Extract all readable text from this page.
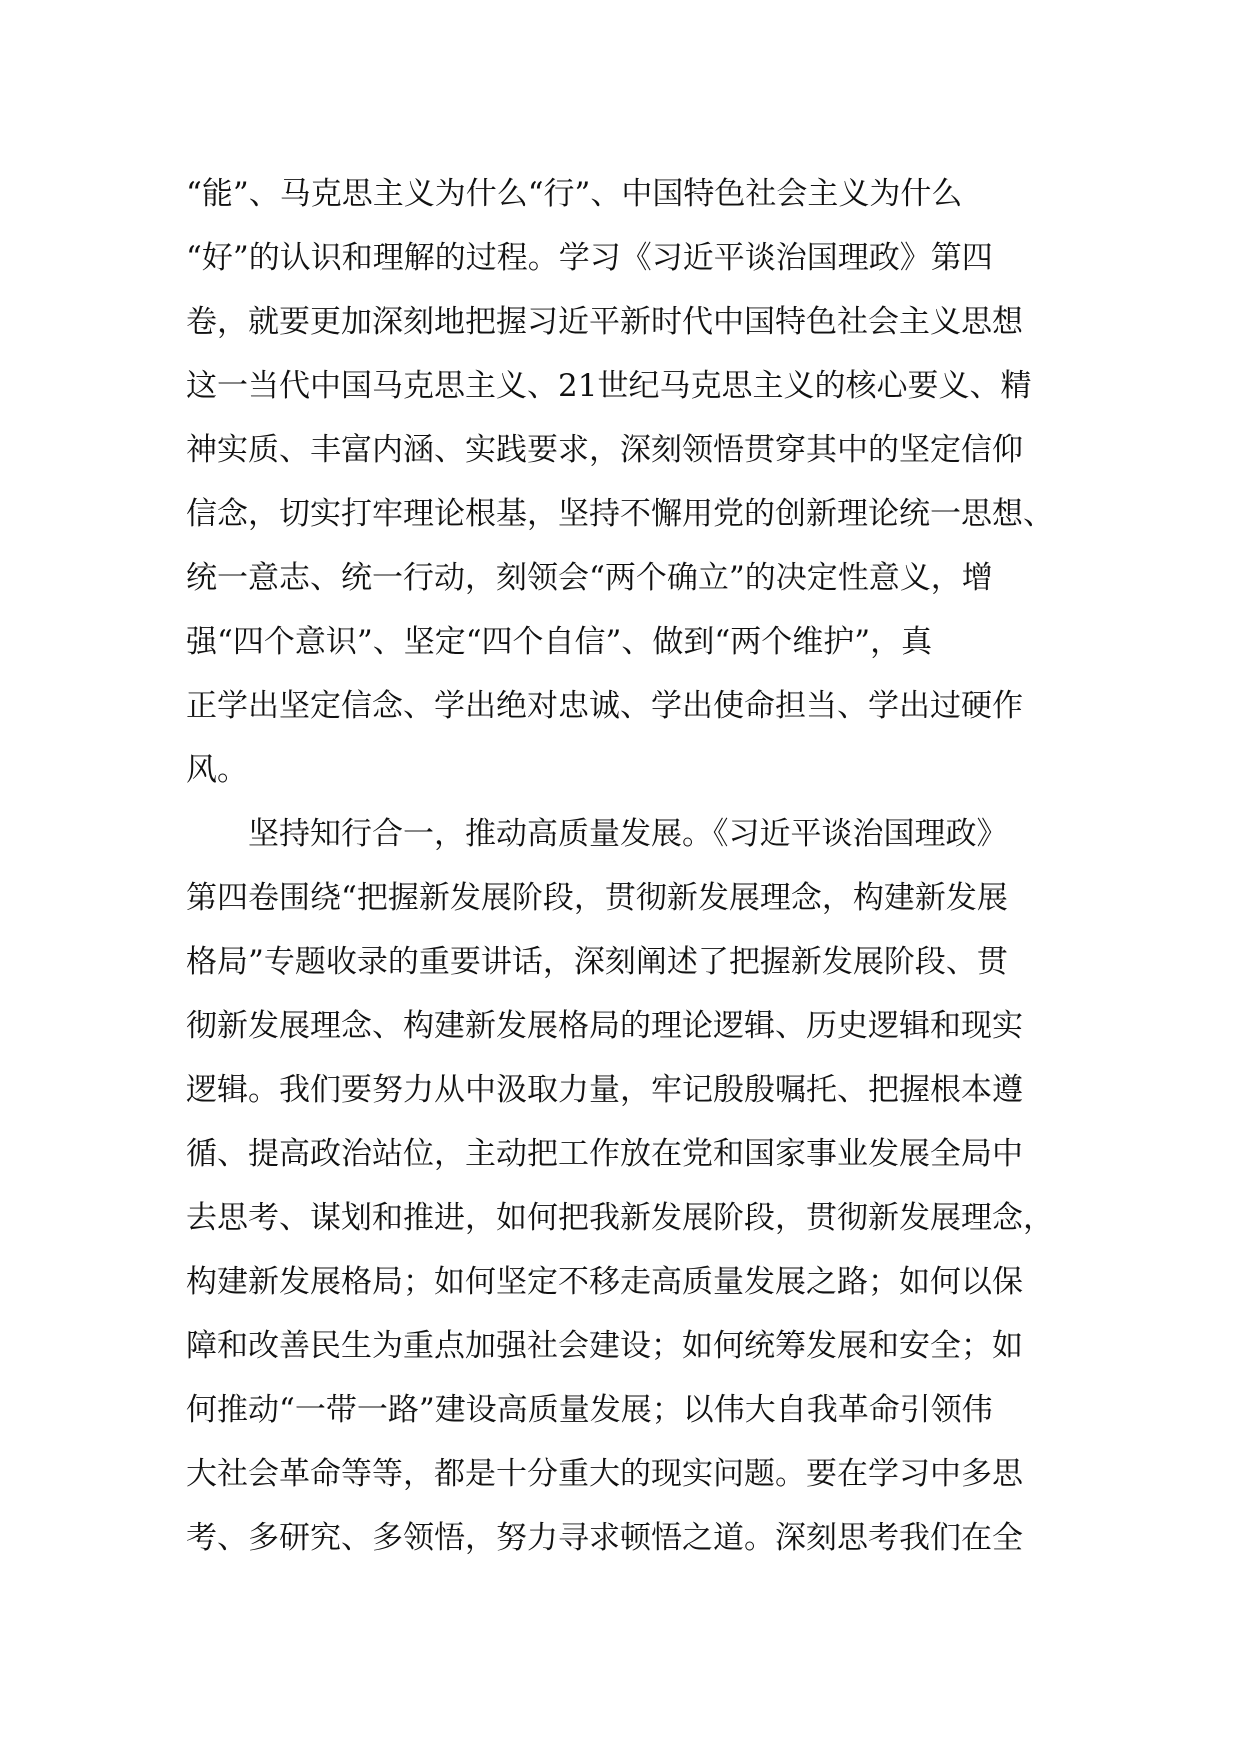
“能”、马克思主义为什么“行”、中国特色社会主义为什么
“好”的认识和理解的过程。学习《习近平谈治国理政》第四
卷，就要更加深刻地把握习近平新时代中国特色社会主义思想
这一当代中国马克思主义、21世纪马克思主义的核心要义、精
神实质、丰富内涵、实践要求，深刻领悟贯穿其中的坚定信仰
信念，切实打牢理论根基，坚持不懈用党的创新理论统一思想、
统一意志、统一行动，刻领会“两个确立”的决定性意义，增
强“四个意识”、坚定“四个自信”、做到“两个维护”，真
正学出坚定信念、学出绝对忠诚、学出使命担当、学出过硬作
风。
坚持知行合一，推动高质量发展。《习近平谈治国理政》
第四卷围绕“把握新发展阶段，贯彻新发展理念，构建新发展
格局”专题收录的重要讲话，深刻阐述了把握新发展阶段、贯
彻新发展理念、构建新发展格局的理论逻辑、历史逻辑和现实
逻辑。我们要努力从中汲取力量，牢记殷殷嘱托、把握根本遵
循、提高政治站位，主动把工作放在党和国家事业发展全局中
去思考、谋划和推进，如何把我新发展阶段，贯彻新发展理念，
构建新发展格局；如何坚定不移走高质量发展之路；如何以保
障和改善民生为重点加强社会建设；如何统筹发展和安全；如
何推动“一带一路”建设高质量发展；以伟大自我革命引领伟
大社会革命等等，都是十分重大的现实问题。要在学习中多思
考、多研究、多领悟，努力寻求顿悟之道。深刻思考我们在全
